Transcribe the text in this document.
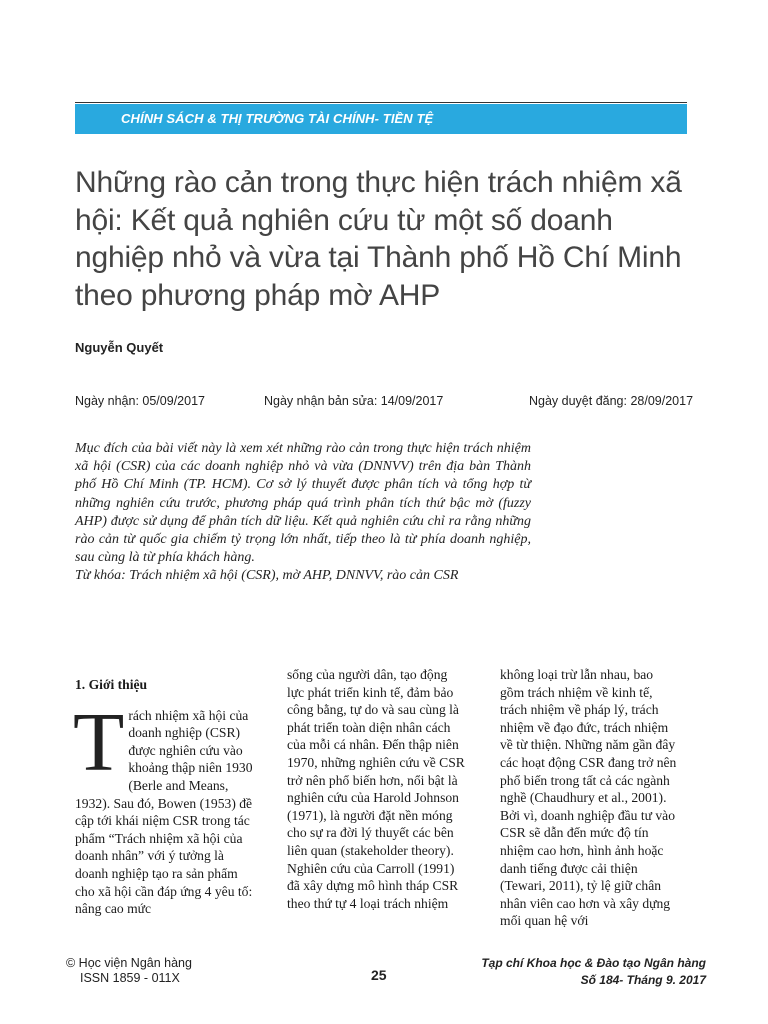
CHÍNH SÁCH & THỊ TRƯỜNG TÀI CHÍNH- TIỀN TỆ
Những rào cản trong thực hiện trách nhiệm xã hội: Kết quả nghiên cứu từ một số doanh nghiệp nhỏ và vừa tại Thành phố Hồ Chí Minh theo phương pháp mờ AHP
Nguyễn Quyết
Ngày nhận: 05/09/2017	Ngày nhận bản sửa: 14/09/2017	Ngày duyệt đăng: 28/09/2017

Mục đích của bài viết này là xem xét những rào cản trong thực hiện trách nhiệm xã hội (CSR) của các doanh nghiệp nhỏ và vừa (DNNVV) trên địa bàn Thành phố Hồ Chí Minh (TP. HCM). Cơ sở lý thuyết được phân tích và tổng hợp từ những nghiên cứu trước, phương pháp quá trình phân tích thứ bậc mờ (fuzzy AHP) được sử dụng để phân tích dữ liệu. Kết quả nghiên cứu chỉ ra rằng những rào cản từ quốc gia chiếm tỷ trọng lớn nhất, tiếp theo là từ phía doanh nghiệp, sau cùng là từ phía khách hàng.

Từ khóa: Trách nhiệm xã hội (CSR), mờ AHP, DNNVV, rào cản CSR

1. Giới thiệu

Trách nhiệm xã hội của doanh nghiệp (CSR) được nghiên cứu vào khoảng thập niên 1930 (Berle and Means, 1932). Sau đó, Bowen (1953) đề cập tới khái niệm CSR trong tác phẩm “Trách nhiệm xã hội của doanh nhân” với ý tưởng là doanh nghiệp tạo ra sản phẩm cho xã hội cần đáp ứng 4 yêu tố: nâng cao mức

sống của người dân, tạo động lực phát triển kinh tế, đảm bảo công bằng, tự do và sau cùng là phát triển toàn diện nhân cách của mỗi cá nhân. Đến thập niên 1970, những nghiên cứu về CSR trở nên phổ biến hơn, nổi bật là nghiên cứu của Harold Johnson (1971), là người đặt nền móng cho sự ra đời lý thuyết các bên liên quan (stakeholder theory). Nghiên cứu của Carroll (1991) đã xây dựng mô hình tháp CSR theo thứ tự 4 loại trách nhiệm

không loại trừ lẫn nhau, bao gồm trách nhiệm về kinh tế, trách nhiệm về pháp lý, trách nhiệm về đạo đức, trách nhiệm về từ thiện. Những năm gần đây các hoạt động CSR đang trở nên phổ biến trong tất cả các ngành nghề (Chaudhury et al., 2001). Bởi vì, doanh nghiệp đầu tư vào CSR sẽ dẫn đến mức độ tín nhiệm cao hơn, hình ảnh hoặc danh tiếng được cải thiện (Tewari, 2011), tỷ lệ giữ chân nhân viên cao hơn và xây dựng mối quan hệ với

© Học viện Ngân hàng
ISSN 1859 - 011X	25
Tạp chí Khoa học & Đào tạo Ngân hàng
Số 184- Tháng 9. 2017
